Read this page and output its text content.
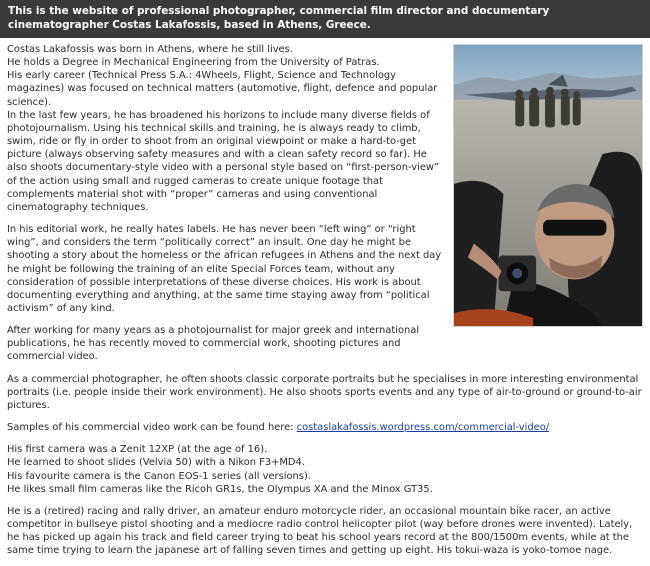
This is the website of professional photographer, commercial film director and documentary cinematographer Costas Lakafossis, based in Athens, Greece.

Costas Lakafossis was born in Athens, where he still lives.
He holds a Degree in Mechanical Engineering from the University of Patras.
His early career (Technical Press S.A.: 4Wheels, Flight, Science and Technology magazines) was focused on technical matters (automotive, flight, defence and popular science).
In the last few years, he has broadened his horizons to include many diverse fields of photojournalism. Using his technical skills and training, he is always ready to climb, swim, ride or fly in order to shoot from an original viewpoint or make a hard-to-get picture (always observing safety measures and with a clean safety record so far). He also shoots documentary-style video with a personal style based on “first-person-view” of the action using small and rugged cameras to create unique footage that complements material shot with “proper” cameras and using conventional cinematography techniques.

In his editorial work, he really hates labels. He has never been “left wing” or “right wing”, and considers the term “politically correct” an insult. One day he might be shooting a story about the homeless or the african refugees in Athens and the next day he might be following the training of an elite Special Forces team, without any consideration of possible interpretations of these diverse choices. His work is about documenting everything and anything, at the same time staying away from “political activism” of any kind.

After working for many years as a photojournalist for major greek and international publications, he has recently moved to commercial work, shooting pictures and commercial video.

As a commercial photographer, he often shoots classic corporate portraits but he specialises in more interesting environmental portraits (i.e. people inside their work environment). He also shoots sports events and any type of air-to-ground or ground-to-air pictures.

Samples of his commercial video work can be found here: costaslakafossis.wordpress.com/commercial-video/

His first camera was a Zenit 12XP (at the age of 16).
He learned to shoot slides (Velvia 50) with a Nikon F3+MD4.
His favourite camera is the Canon EOS-1 series (all versions).
He likes small film cameras like the Ricoh GR1s, the Olympus XA and the Minox GT35.

He is a (retired) racing and rally driver, an amateur enduro motorcycle rider, an occasional mountain bike racer, an active competitor in bullseye pistol shooting and a mediocre radio control helicopter pilot (way before drones were invented). Lately, he has picked up again his track and field career trying to beat his school years record at the 800/1500m events, while at the same time trying to learn the japanese art of falling seven times and getting up eight. His tokui-waza is yoko-tomoe nage.
